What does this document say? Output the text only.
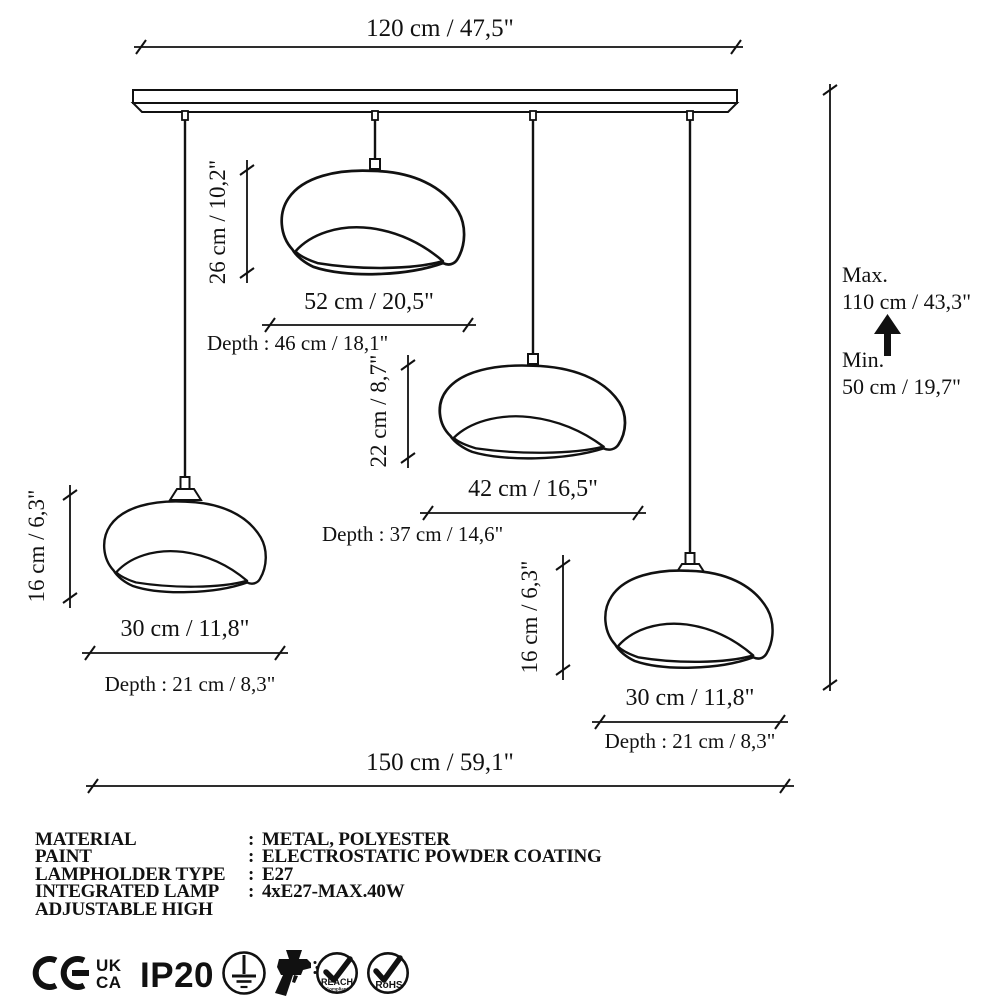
120 cm / 47,5"
26 cm / 10,2"
52 cm / 20,5"
Depth : 46 cm / 18,1"
22 cm / 8,7"
42 cm / 16,5"
Depth : 37 cm / 14,6"
16 cm / 6,3"
30 cm / 11,8"
Depth : 21 cm / 8,3"
16 cm / 6,3"
30 cm / 11,8"
Depth : 21 cm / 8,3"
Max.
110 cm / 43,3"
Min.
50 cm / 19,7"
150 cm / 59,1"
UK
CA IP20	REACH
Compliant	RoHS
MATERIAL	: METAL, POLYESTER
PAINT	: ELECTROSTATIC POWDER COATING
LAMPHOLDER TYPE	: E27
INTEGRATED LAMP	: 4xE27-MAX.40W
ADJUSTABLE HIGH
